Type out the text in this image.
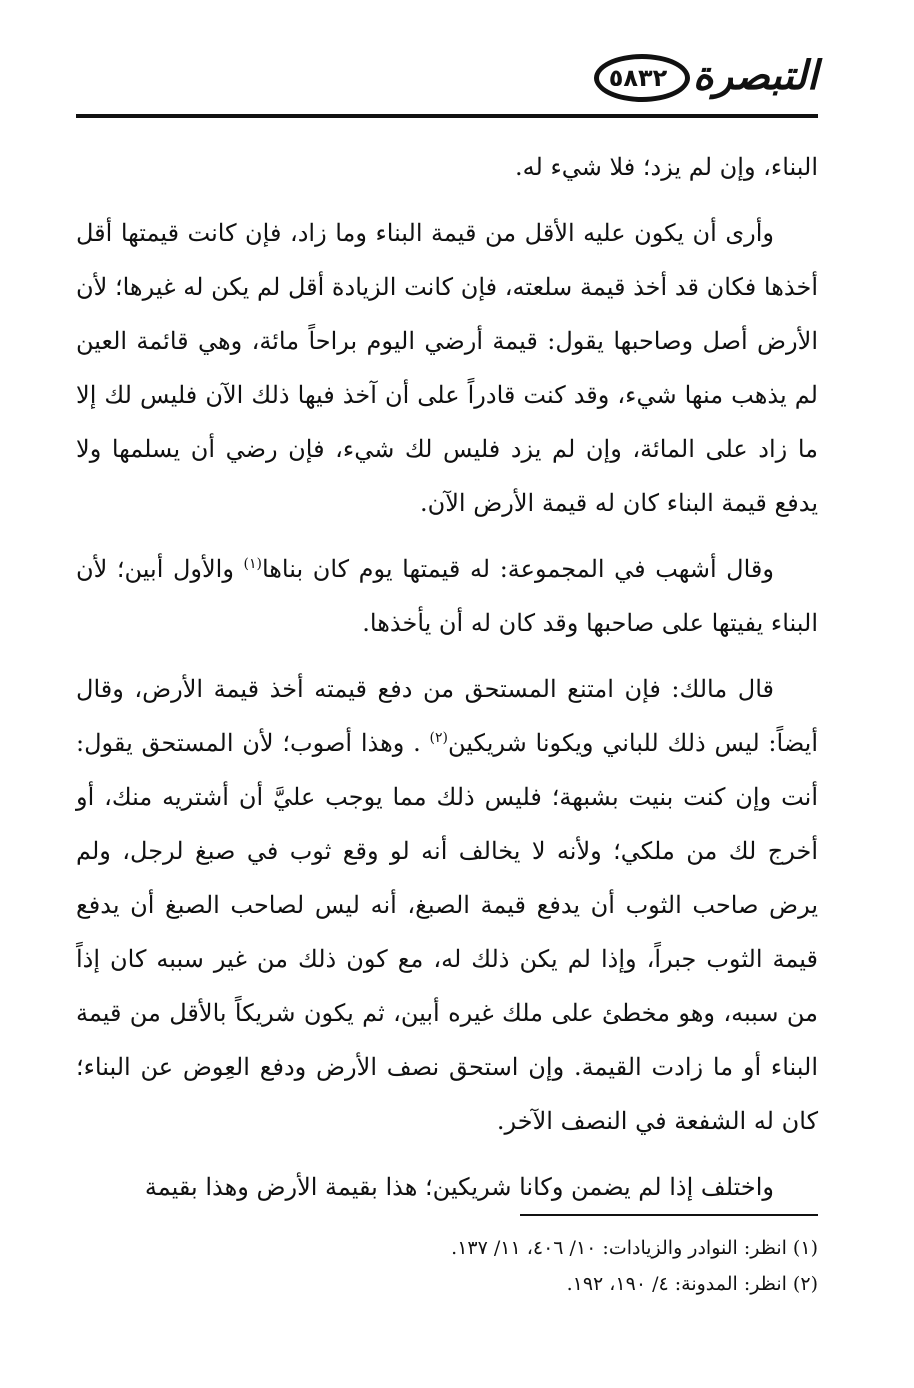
التبصرة
٥٨٣٢

البناء، وإن لم يزد؛ فلا شيء له.

وأرى أن يكون عليه الأقل من قيمة البناء وما زاد، فإن كانت قيمتها أقل أخذها فكان قد أخذ قيمة سلعته، فإن كانت الزيادة أقل لم يكن له غيرها؛ لأن الأرض أصل وصاحبها يقول: قيمة أرضي اليوم براحاً مائة، وهي قائمة العين لم يذهب منها شيء، وقد كنت قادراً على أن آخذ فيها ذلك الآن فليس لك إلا ما زاد على المائة، وإن لم يزد فليس لك شيء، فإن رضي أن يسلمها ولا يدفع قيمة البناء كان له قيمة الأرض الآن.

وقال أشهب في المجموعة: له قيمتها يوم كان بناها$^{(١)}$ والأول أبين؛ لأن البناء يفيتها على صاحبها وقد كان له أن يأخذها.

قال مالك: فإن امتنع المستحق من دفع قيمته أخذ قيمة الأرض، وقال أيضاً: ليس ذلك للباني ويكونا شريكين$^{(٢)}$ . وهذا أصوب؛ لأن المستحق يقول: أنت وإن كنت بنيت بشبهة؛ فليس ذلك مما يوجب عليَّ أن أشتريه منك، أو أخرج لك من ملكي؛ ولأنه لا يخالف أنه لو وقع ثوب في صبغ لرجل، ولم يرض صاحب الثوب أن يدفع قيمة الصبغ، أنه ليس لصاحب الصبغ أن يدفع قيمة الثوب جبراً، وإذا لم يكن ذلك له، مع كون ذلك من غير سببه كان إذاً من سببه، وهو مخطئ على ملك غيره أبين، ثم يكون شريكاً بالأقل من قيمة البناء أو ما زادت القيمة. وإن استحق نصف الأرض ودفع العِوض عن البناء؛ كان له الشفعة في النصف الآخر.

واختلف إذا لم يضمن وكانا شريكين؛ هذا بقيمة الأرض وهذا بقيمة

(١) انظر: النوادر والزيادات: ١٠/ ٤٠٦، ١١/ ١٣٧.

(٢) انظر: المدونة: ٤/ ١٩٠، ١٩٢.
